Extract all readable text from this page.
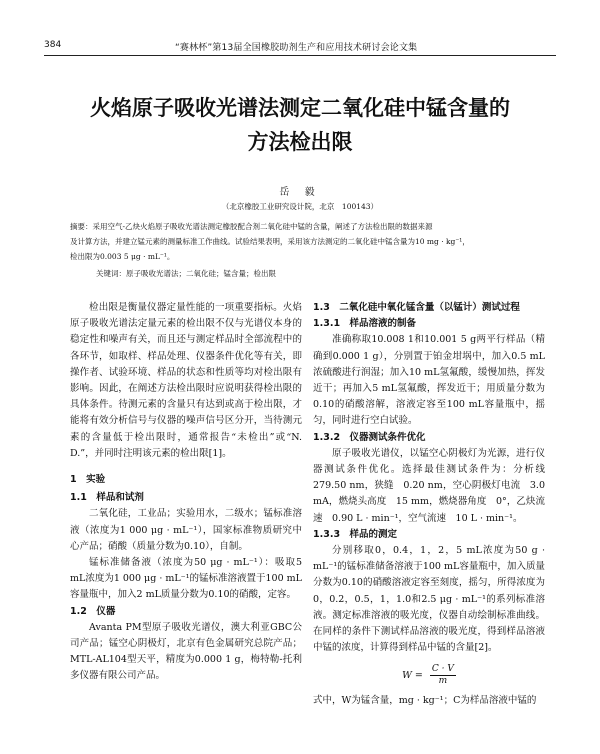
384	“赛林杯”第13届全国橡胶助剂生产和应用技术研讨会论文集
火焰原子吸收光谱法测定二氧化硅中锰含量的
方法检出限
岳 毅
（北京橡胶工业研究设计院，北京　100143）

摘要：采用空气-乙炔火焰原子吸收光谱法测定橡胶配合剂二氧化硅中锰的含量，阐述了方法检出限的数据来源

及计算方法，并建立锰元素的测量标准工作曲线。试验结果表明，采用该方法测定的二氧化硅中锰含量为10 mg · kg⁻¹，

检出限为0.003 5 μg · mL⁻¹。

关键词：原子吸收光谱法；二氧化硅；锰含量；检出限

检出限是衡量仪器定量性能的一项重要指标。火焰原子吸收光谱法定量元素的检出限不仅与光谱仪本身的稳定性和噪声有关，而且还与测定样品时全部流程中的各环节，如取样、样品处理、仪器条件优化等有关，即操作者、试验环境、样品的状态和性质等均对检出限有影响。因此，在阐述方法检出限时应说明获得检出限的具体条件。待测元素的含量只有达到或高于检出限，才能将有效分析信号与仪器的噪声信号区分开，当待测元素的含量低于检出限时，通常报告“未检出”或“N. D.”，并同时注明该元素的检出限[1]。

1　实验

1.1　样品和试剂

二氧化硅，工业品；实验用水，二级水；锰标准溶液（浓度为1 000 μg · mL⁻¹），国家标准物质研究中心产品；硝酸（质量分数为0.10），自制。

锰标准储备液（浓度为50 μg · mL⁻¹）：吸取5 mL浓度为1 000 μg · mL⁻¹的锰标准溶液置于100 mL容量瓶中，加入2 mL质量分数为0.10的硝酸，定容。

1.2　仪器

Avanta PM型原子吸收光谱仪，澳大利亚GBC公司产品；锰空心阴极灯，北京有色金属研究总院产品；MTL-AL104型天平，精度为0.000 1 g，梅特勒-托利多仪器有限公司产品。

1.3　二氧化硅中氧化锰含量（以锰计）测试过程

1.3.1　样品溶液的制备

准确称取10.008 1和10.001 5 g两平行样品（精确到0.000 1 g），分别置于铂金坩埚中，加入0.5 mL浓硫酸进行润湿；加入10 mL氢氟酸，缓慢加热，挥发近干；再加入5 mL氢氟酸，挥发近干；用质量分数为0.10的硝酸溶解，溶液定容至100 mL容量瓶中，摇匀，同时进行空白试验。

1.3.2　仪器测试条件优化

原子吸收光谱仪，以锰空心阴极灯为光源，进行仪器测试条件优化。选择最佳测试条件为：分析线　279.50 nm，狭缝　0.20 nm，空心阴极灯电流　3.0 mA，燃烧头高度　15 mm，燃烧器角度　0°，乙炔流速　0.90 L · min⁻¹，空气流速　10 L · min⁻¹。

1.3.3　样品的测定

分别移取0，0.4，1，2，5 mL浓度为50 g · mL⁻¹的锰标准储备溶液于100 mL容量瓶中，加入质量分数为0.10的硝酸溶液定容至刻度，摇匀，所得浓度为0，0.2，0.5，1，1.0和2.5 μg · mL⁻¹的系列标准溶液。测定标准溶液的吸光度，仪器自动绘制标准曲线。在同样的条件下测试样品溶液的吸光度，得到样品溶液中锰的浓度，计算得到样品中锰的含量[2]。

$W = \frac{C \cdot V}{m}$

式中，W为锰含量，mg · kg⁻¹；C为样品溶液中锰的
